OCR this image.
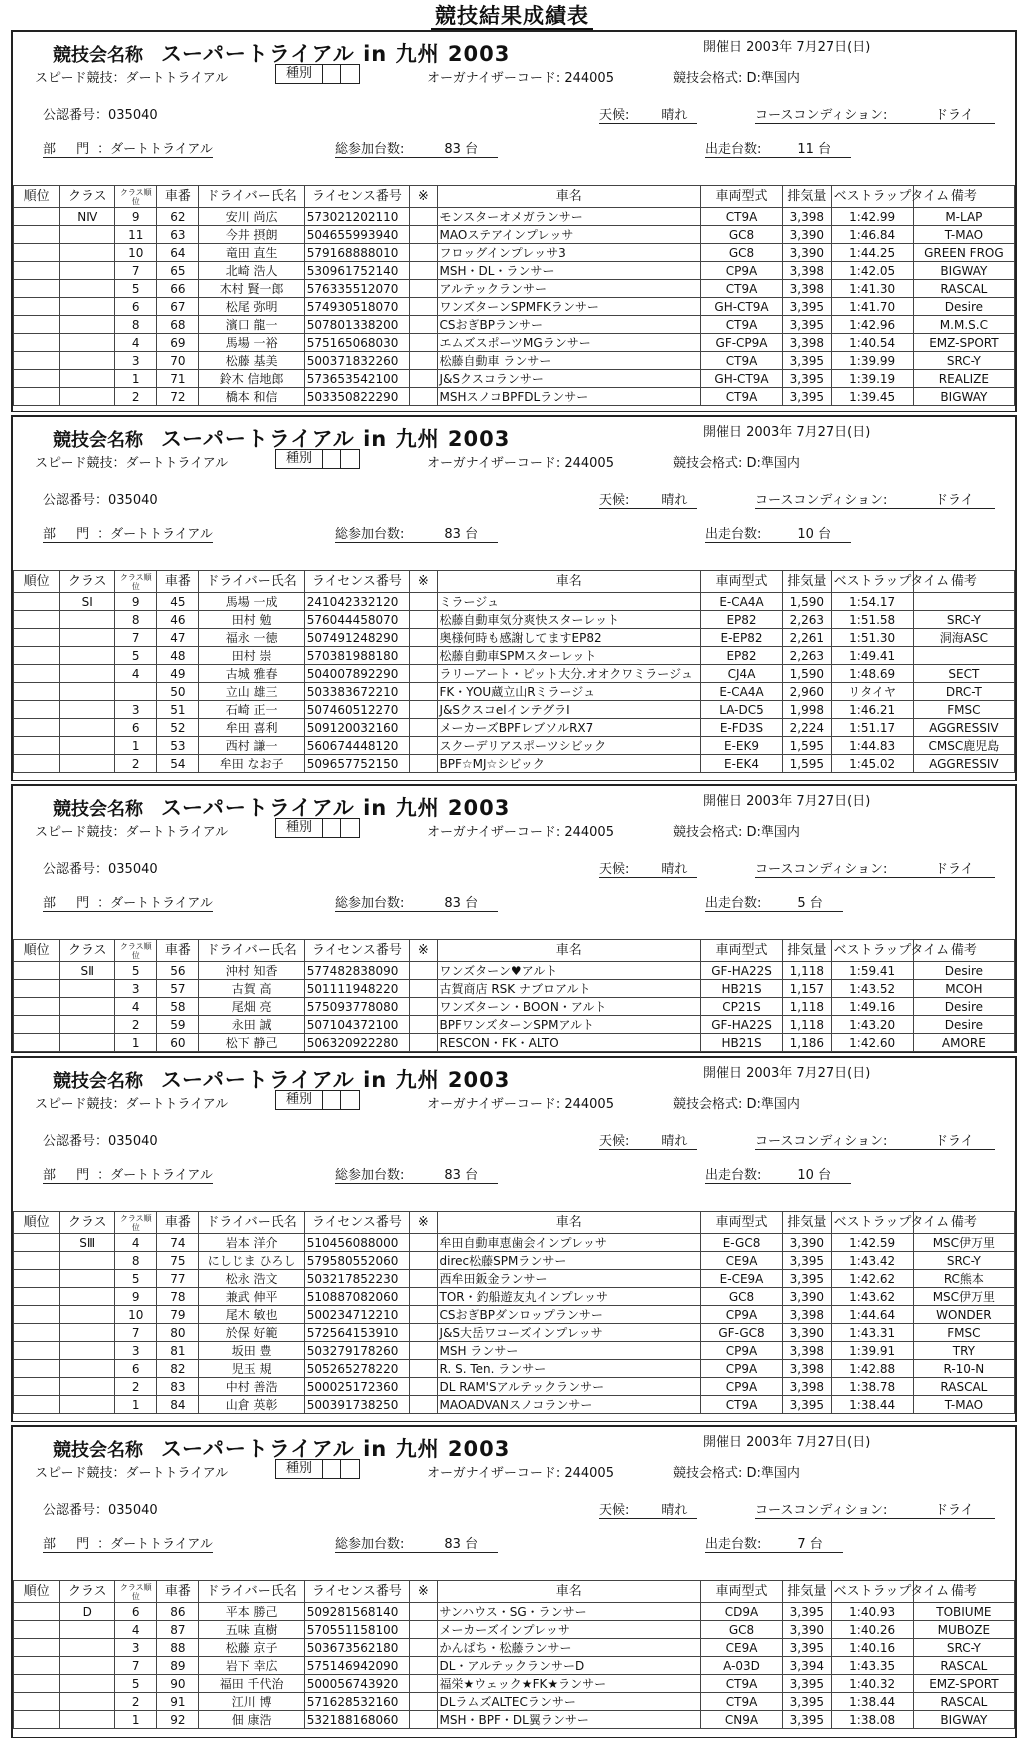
競技結果成績表
競技会名称 スーパートライアル in 九州 2003	開催日 2003年 7月27日(日)
スピード競技：ダートトライアル	種別	オーガナイザーコード: 244005	競技会格式: D:準国内
公認番号：035040	天候: 晴れ	コースコンディション:	ドライ
部 門：ダートトライアル	総参加台数:	83 台	出走台数:	11 台
順位	クラス	クラス順位	車番	ドライバー氏名	ライセンス番号	※	車名	車両型式	排気量	ベストラップタイム	備考
	NⅣ	9	62	安川 尚広	573021202110		モンスターオメガランサー	CT9A	3,398	1:42.99	M-LAP
		11	63	今井 摂朗	504655993940		MAOステアインプレッサ	GC8	3,390	1:46.84	T-MAO
		10	64	竜田 直生	579168888010		フロッグインプレッサ3	GC8	3,390	1:44.25	GREEN FROG
		7	65	北崎 浩人	530961752140		MSH・DL・ランサー	CP9A	3,398	1:42.05	BIGWAY
		5	66	木村 賢一郎	576335512070		アルテックランサー	CT9A	3,398	1:41.30	RASCAL
		6	67	松尾 弥明	574930518070		ワンズターンSPMFKランサー	GH-CT9A	3,395	1:41.70	Desire
		8	68	濱口 龍一	507801338200		CSおぎBPランサー	CT9A	3,395	1:42.96	M.M.S.C
		4	69	馬場 一裕	575165068030		エムズスポーツMGランサー	GF-CP9A	3,398	1:40.54	EMZ-SPORT
		3	70	松藤 基美	500371832260		松藤自動車 ランサー	CT9A	3,395	1:39.99	SRC-Y
		1	71	鈴木 信地郎	573653542100		J&Sクスコランサー	GH-CT9A	3,395	1:39.19	REALIZE
		2	72	橋本 和信	503350822290		MSHスノコBPFDLランサー	CT9A	3,395	1:39.45	BIGWAY
競技会名称 スーパートライアル in 九州 2003	開催日 2003年 7月27日(日)
スピード競技：ダートトライアル	種別	オーガナイザーコード: 244005	競技会格式: D:準国内
公認番号：035040	天候: 晴れ	コースコンディション:	ドライ
部 門：ダートトライアル	総参加台数:	83 台	出走台数:	10 台
順位	クラス	クラス順位	車番	ドライバー氏名	ライセンス番号	※	車名	車両型式	排気量	ベストラップタイム	備考
	SⅠ	9	45	馬場 一成	241042332120		ミラージュ	E-CA4A	1,590	1:54.17	
		8	46	田村 勉	576044458070		松藤自動車気分爽快スターレット	EP82	2,263	1:51.58	SRC-Y
		7	47	福永 一徳	507491248290		奥様何時も感謝してますEP82	E-EP82	2,261	1:51.30	洞海ASC
		5	48	田村 崇	570381988180		松藤自動車SPMスターレット	EP82	2,263	1:49.41	
		4	49	古城 雅春	504007892290		ラリーアート・ピット大分.オオクワミラージュ	CJ4A	1,590	1:48.69	SECT
			50	立山 雄三	503383672210		FK・YOU蔵立山Rミラージュ	E-CA4A	2,960	リタイヤ	DRC-T
		3	51	石崎 正一	507460512270		J&SクスコelインテグラI	LA-DC5	1,998	1:46.21	FMSC
		6	52	牟田 喜利	509120032160		メーカーズBPFレブソルRX7	E-FD3S	2,224	1:51.17	AGGRESSIV
		1	53	西村 謙一	560674448120		スクーデリアスポーツシビック	E-EK9	1,595	1:44.83	CMSC鹿児島
		2	54	牟田 なお子	509657752150		BPF☆MJ☆シビック	E-EK4	1,595	1:45.02	AGGRESSIV
競技会名称 スーパートライアル in 九州 2003	開催日 2003年 7月27日(日)
スピード競技：ダートトライアル	種別	オーガナイザーコード: 244005	競技会格式: D:準国内
公認番号：035040	天候: 晴れ	コースコンディション:	ドライ
部 門：ダートトライアル	総参加台数:	83 台	出走台数:	5 台
順位	クラス	クラス順位	車番	ドライバー氏名	ライセンス番号	※	車名	車両型式	排気量	ベストラップタイム	備考
	SⅡ	5	56	沖村 知香	577482838090		ワンズターン♥アルト	GF-HA22S	1,118	1:59.41	Desire
		3	57	古賀 高	501111948220		古賀商店 RSK ナブロアルト	HB21S	1,157	1:43.52	MCOH
		4	58	尾畑 亮	575093778080		ワンズターン・BOON・アルト	CP21S	1,118	1:49.16	Desire
		2	59	永田 誠	507104372100		BPFワンズターンSPMアルト	GF-HA22S	1,118	1:43.20	Desire
		1	60	松下 静己	506320922280		RESCON・FK・ALTO	HB21S	1,186	1:42.60	AMORE
競技会名称 スーパートライアル in 九州 2003	開催日 2003年 7月27日(日)
スピード競技：ダートトライアル	種別	オーガナイザーコード: 244005	競技会格式: D:準国内
公認番号：035040	天候: 晴れ	コースコンディション:	ドライ
部 門：ダートトライアル	総参加台数:	83 台	出走台数:	10 台
順位	クラス	クラス順位	車番	ドライバー氏名	ライセンス番号	※	車名	車両型式	排気量	ベストラップタイム	備考
	SⅢ	4	74	岩本 洋介	510456088000		牟田自動車恵歯会インプレッサ	E-GC8	3,390	1:42.59	MSC伊万里
		8	75	にしじま ひろし	579580552060		direc松藤SPMランサー	CE9A	3,395	1:43.42	SRC-Y
		5	77	松永 浩文	503217852230		西牟田鈑金ランサー	E-CE9A	3,395	1:42.62	RC熊本
		9	78	兼武 伸平	510887082060		TOR・釣船遊友丸インプレッサ	GC8	3,390	1:43.62	MSC伊万里
		10	79	尾木 敏也	500234712210		CSおぎBPダンロップランサー	CP9A	3,398	1:44.64	WONDER
		7	80	於保 好範	572564153910		J&S大岳ワコーズインプレッサ	GF-GC8	3,390	1:43.31	FMSC
		3	81	坂田 豊	503279178260		MSH ランサー	CP9A	3,398	1:39.91	TRY
		6	82	児玉 規	505265278220		R. S. Ten. ランサー	CP9A	3,398	1:42.88	R-10-N
		2	83	中村 善浩	500025172360		DL RAM'Sアルテックランサー	CP9A	3,398	1:38.78	RASCAL
		1	84	山倉 英彰	500391738250		MAOADVANスノコランサー	CT9A	3,395	1:38.44	T-MAO
競技会名称 スーパートライアル in 九州 2003	開催日 2003年 7月27日(日)
スピード競技：ダートトライアル	種別	オーガナイザーコード: 244005	競技会格式: D:準国内
公認番号：035040	天候: 晴れ	コースコンディション:	ドライ
部 門：ダートトライアル	総参加台数:	83 台	出走台数:	7 台
順位	クラス	クラス順位	車番	ドライバー氏名	ライセンス番号	※	車名	車両型式	排気量	ベストラップタイム	備考
	D	6	86	平本 勝己	509281568140		サンハウス・SG・ランサー	CD9A	3,395	1:40.93	TOBIUME
		4	87	五味 直樹	570551158100		メーカーズインプレッサ	GC8	3,390	1:40.26	MUBOZE
		3	88	松藤 京子	503673562180		かんぱち・松藤ランサー	CE9A	3,395	1:40.16	SRC-Y
		7	89	岩下 幸広	575146942090		DL・アルテックランサーD	A-03D	3,394	1:43.35	RASCAL
		5	90	福田 千代治	500056743920		福栄★ウェック★FK★ランサー	CT9A	3,395	1:40.32	EMZ-SPORT
		2	91	江川 博	571628532160		DLラムズALTECランサー	CT9A	3,395	1:38.44	RASCAL
		1	92	佃 康浩	532188168060		MSH・BPF・DL翼ランサー	CN9A	3,395	1:38.08	BIGWAY
